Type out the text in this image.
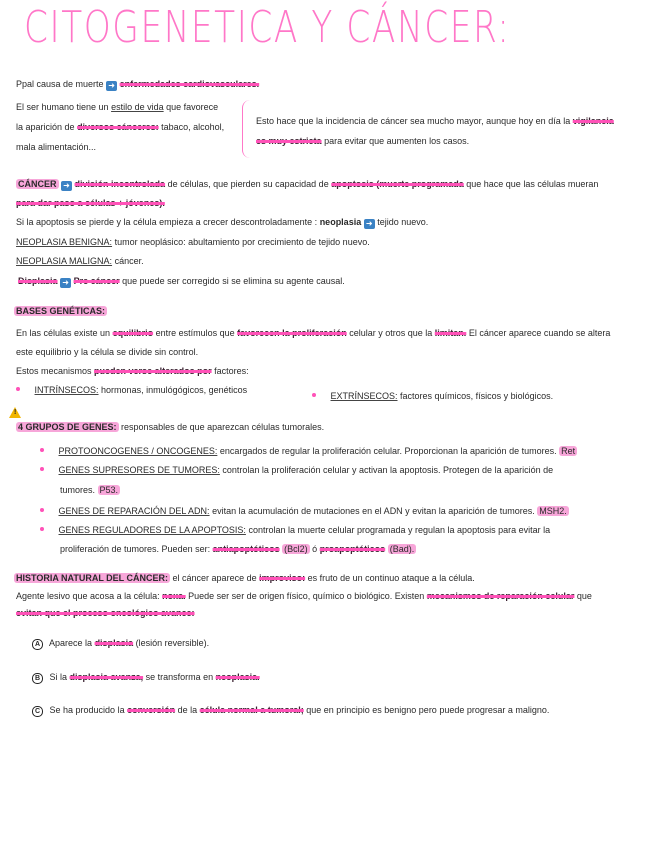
CITOGENETICA Y CÁNCER:
Ppal causa de muerte ➜ enfermedades cardiovasculares.
El ser humano tiene un estilo de vida que favorece
la aparición de diversos cánceres: tabaco, alcohol,
mala alimentación...
Esto hace que la incidencia de cáncer sea mucho mayor, aunque hoy en día la vigilancia
es muy estricta para evitar que aumenten los casos.
CÁNCER ➜ división incontrolada de células, que pierden su capacidad de apoptosis (muerte programada que hace que las células mueran
para dar paso a células + jóvenes).
Si la apoptosis se pierde y la célula empieza a crecer descontroladamente : neoplasia ➜ tejido nuevo.
NEOPLASIA BENIGNA: tumor neoplásico: abultamiento por crecimiento de tejido nuevo.
NEOPLASIA MALIGNA: cáncer.
Displasia ➜ Pre cáncer que puede ser corregido si se elimina su agente causal.
BASES GENÉTICAS:
En las células existe un equilibrio entre estímulos que favorecen la proliferación celular y otros que la limitan. El cáncer aparece cuando se altera
este equilibrio y la célula se divide sin control.
Estos mecanismos pueden verse alterados por factores:
INTRÍNSECOS: hormonas, inmulógógicos, genéticos
EXTRÍNSECOS: factores químicos, físicos y biológicos.
!
4 GRUPOS DE GENES: responsables de que aparezcan células tumorales.
PROTOONCOGENES / ONCOGENES: encargados de regular la proliferación celular. Proporcionan la aparición de tumores. Ret
GENES SUPRESORES DE TUMORES: controlan la proliferación celular y activan la apoptosis. Protegen de la aparición de
tumores. P53.
GENES DE REPARACIÓN DEL ADN: evitan la acumulación de mutaciones en el ADN y evitan la aparición de tumores. MSH2.
GENES REGULADORES DE LA APOPTOSIS: controlan la muerte celular programada y regulan la apoptosis para evitar la
proliferación de tumores. Pueden ser: antiapoptóticos (Bcl2) ó proapoptóticos (Bad).
HISTORIA NATURAL DEL CÁNCER: el cáncer aparece de improviso: es fruto de un continuo ataque a la célula.
Agente lesivo que acosa a la célula: noxa. Puede ser ser de origen físico, químico o biológico. Existen mecanismos de reparación celular que
evitan que el proceso oncológico avance:
A Aparece la displasia (lesión reversible).
B Si la displasia avanza, se transforma en neoplasia.
C Se ha producido la conversión de la célula normal a tumoral; que en principio es benigno pero puede progresar a maligno.
